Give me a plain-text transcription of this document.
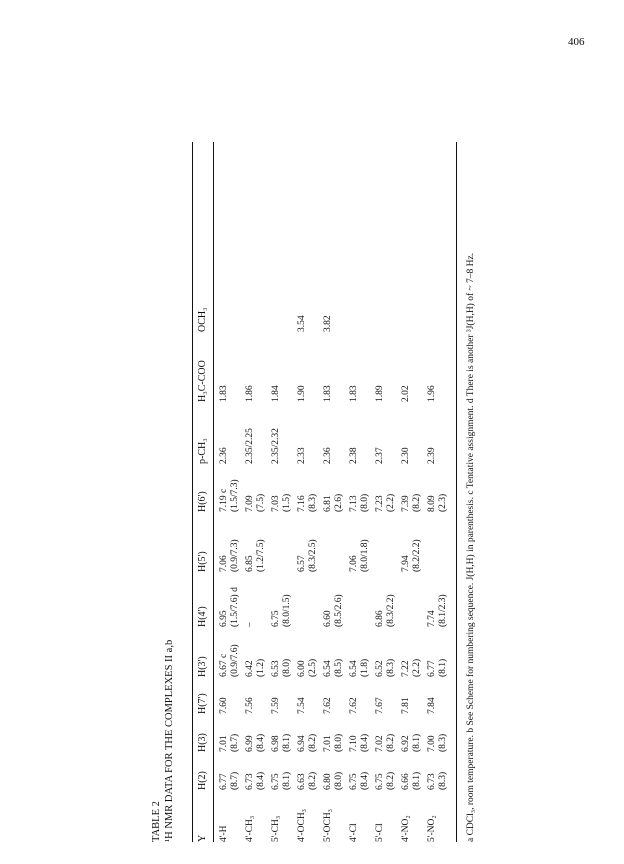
406
TABLE 2 ¹H NMR DATA FOR THE COMPLEXES II a,b Y
H(2)
H(3)
H(7')
H(3')
H(4')
H(5')
H(6')
p-CH₃
H₃C-COO
OCH₃
4'-H
6.77
7.01
7.60
6.67 c
6.95
7.06
7.19 c
2.36
1.83
(8.7)
(8.7)
(0.9/7.6)
(1.5/7.6) d
(0.9/7.3)
(1.5/7.3)
4'-CH₃
6.73
6.99
7.56
6.42
–
6.85
7.09
2.35/2.25
1.86
(8.4)
(8.4)
(1.2)
(1.2/7.5)
(7.5)
5'-CH₃
6.75
6.98
7.59
6.53
6.75
7.03
2.35/2.32
1.84
(8.1)
(8.1)
(8.0)
(8.0/1.5)
(1.5)
4'-OCH₃
6.63
6.94
7.54
6.00
6.57
7.16
2.33
1.90
3.54
(8.2)
(8.2)
(2.5)
(8.3/2.5)
(8.3)
5'-OCH₃
6.80
7.01
7.62
6.54
6.60
6.81
2.36
1.83
3.82
(8.0)
(8.0)
(8.5)
(8.5/2.6)
(2.6)
4'-Cl
6.75
7.10
7.62
6.54
7.06
7.13
2.38
1.83
(8.4)
(8.4)
(1.8)
(8.0/1.8)
(8.0)
5'-Cl
6.75
7.02
7.67
6.52
6.86
7.23
2.37
1.89
(8.2)
(8.2)
(8.3)
(8.3/2.2)
(2.2)
4'-NO₂
6.66
6.92
7.81
7.22
7.94
7.39
2.30
2.02
(8.1)
(8.1)
(2.2)
(8.2/2.2)
(8.2)
5'-NO₂
6.73
7.00
7.84
6.77
7.74
8.09
2.39
1.96
(8.3)
(8.3)
(8.1)
(8.1/2.3)
(2.3) a CDCl₃, room temperature. b See Scheme for numbering sequence. J(H,H) in parenthesis. c Tentative assignment. d There is another ³J(H,H) of ~ 7–8 Hz.
